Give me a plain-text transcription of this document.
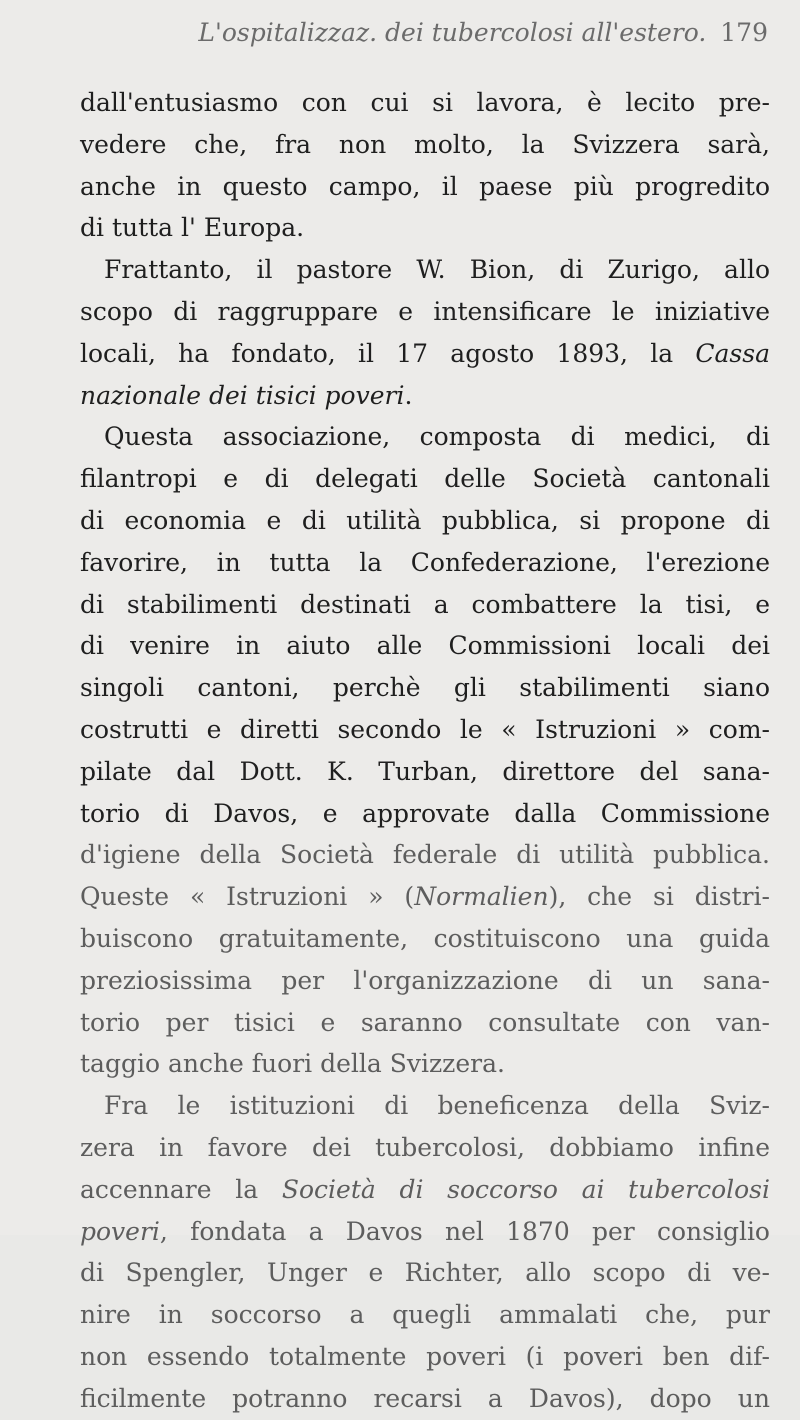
L'ospitalizzaz. dei tubercolosi all'estero. 179
dall'entusiasmo con cui si lavora, è lecito pre-
vedere che, fra non molto, la Svizzera sarà,
anche in questo campo, il paese più progredito
di tutta l' Europa.
Frattanto, il pastore W. Bion, di Zurigo, allo
scopo di raggruppare e intensificare le iniziative
locali, ha fondato, il 17 agosto 1893, la Cassa
nazionale dei tisici poveri.
Questa associazione, composta di medici, di
filantropi e di delegati delle Società cantonali
di economia e di utilità pubblica, si propone di
favorire, in tutta la Confederazione, l'erezione
di stabilimenti destinati a combattere la tisi, e
di venire in aiuto alle Commissioni locali dei
singoli cantoni, perchè gli stabilimenti siano
costrutti e diretti secondo le « Istruzioni » com-
pilate dal Dott. K. Turban, direttore del sana-
torio di Davos, e approvate dalla Commissione
d'igiene della Società federale di utilità pubblica.
Queste « Istruzioni » (Normalien), che si distri-
buiscono gratuitamente, costituiscono una guida
preziosissima per l'organizzazione di un sana-
torio per tisici e saranno consultate con van-
taggio anche fuori della Svizzera.
Fra le istituzioni di beneficenza della Sviz-
zera in favore dei tubercolosi, dobbiamo infine
accennare la Società di soccorso ai tubercolosi
poveri, fondata a Davos nel 1870 per consiglio
di Spengler, Unger e Richter, allo scopo di ve-
nire in soccorso a quegli ammalati che, pur
non essendo totalmente poveri (i poveri ben dif-
ficilmente potranno recarsi a Davos), dopo un
